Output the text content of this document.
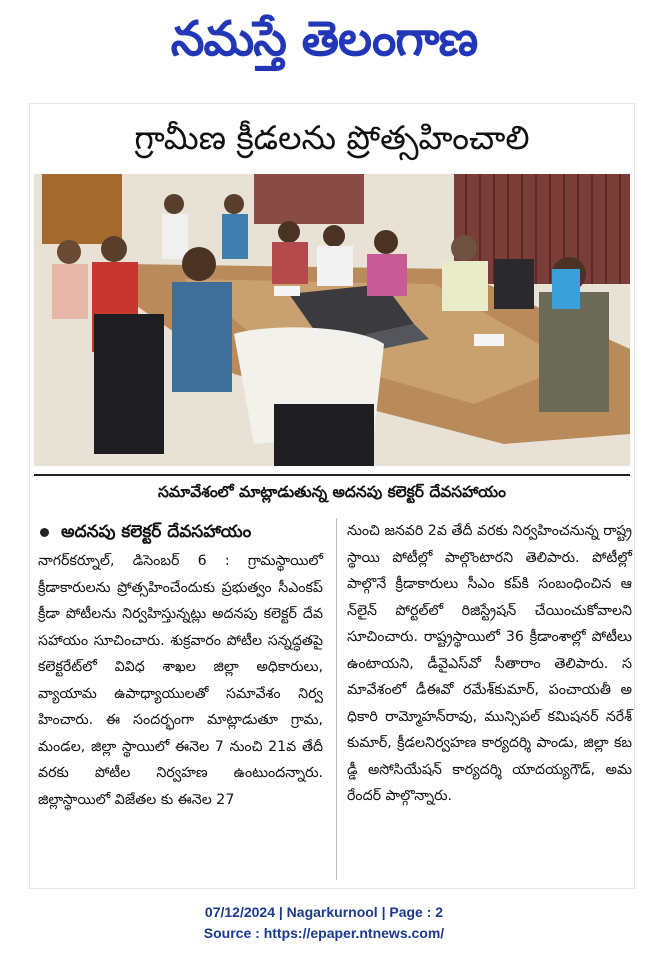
నమస్తే తెలంగాణ
గ్రామీణ క్రీడలను ప్రోత్సహించాలి
సమావేశంలో మాట్లాడుతున్న అదనపు కలెక్టర్ దేవసహాయం
అదనపు కలెక్టర్ దేవసహాయం
నాగర్‌కర్నూల్, డిసెంబర్ 6 : గ్రామస్థాయిలో క్రీడాకారులను ప్రోత్సహించేందుకు ప్రభుత్వం సీఎంకప్ క్రీడా పోటీలను నిర్వహిస్తున్నట్లు అదనపు కలెక్టర్ దేవసహాయం సూచించారు. శుక్రవారం పోటీల సన్నద్ధతపై కలెక్టరేట్‌లో వివిధ శాఖల జిల్లా అధికారులు, వ్యాయామ ఉపాధ్యాయులతో సమావేశం నిర్వహించారు. ఈ సందర్భంగా మాట్లాడుతూ గ్రామ, మండల, జిల్లా స్థాయిలో ఈనెల 7 నుంచి 21వ తేదీ వరకు పోటీల నిర్వహణ ఉంటుందన్నారు. జిల్లాస్థాయిలో విజేతల కు ఈనెల 27
నుంచి జనవరి 2వ తేదీ వరకు నిర్వహించనున్న రాష్ట్రస్థాయి పోటీల్లో పాల్గొంటారని తెలిపారు. పోటీల్లో పాల్గొనే క్రీడాకారులు సీఎం కప్‌కి సంబంధించిన ఆ న్‌లైన్ పోర్టల్‌లో రిజిస్ట్రేషన్ చేయించుకోవాలని సూచించారు. రాష్ట్రస్థాయిలో 36 క్రీడాంశాల్లో పోటీలు ఉంటాయని, డీవైఎస్‌వో సీతారాం తెలిపారు. సమావేశంలో డీఈవో రమేశ్‌కుమార్, పంచాయతీ అధికారి రామ్మోహన్‌రావు, మున్సిపల్ కమిషనర్ నరేశ్ కుమార్, క్రీడలనిర్వహణ కార్యదర్శి పాండు, జిల్లా కబడ్డీ అసోసియేషన్ కార్యదర్శి యాదయ్యగౌడ్, అమరేందర్ పాల్గొన్నారు.
07/12/2024 | Nagarkurnool | Page : 2
Source : https://epaper.ntnews.com/
